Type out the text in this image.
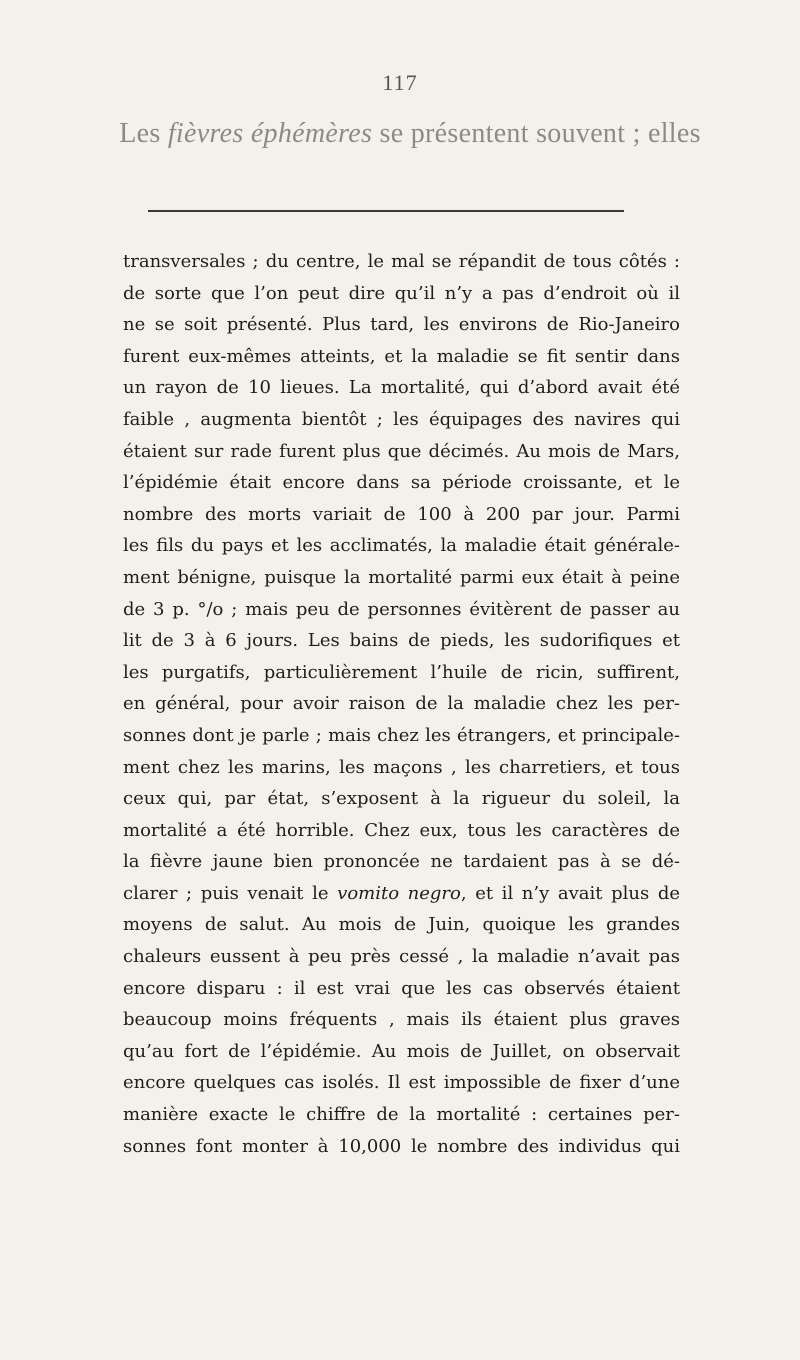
117
Les fièvres éphémères se présentent souvent ; elles
transversales ; du centre, le mal se répandit de tous côtés :
de sorte que l’on peut dire qu’il n’y a pas d’endroit où il
ne se soit présenté. Plus tard, les environs de Rio-Janeiro
furent eux-mêmes atteints, et la maladie se fit sentir dans
un rayon de 10 lieues. La mortalité, qui d’abord avait été
faible , augmenta bientôt ; les équipages des navires qui
étaient sur rade furent plus que décimés. Au mois de Mars,
l’épidémie était encore dans sa période croissante, et le
nombre des morts variait de 100 à 200 par jour. Parmi
les fils du pays et les acclimatés, la maladie était générale-
ment bénigne, puisque la mortalité parmi eux était à peine
de 3 p. °/o ; mais peu de personnes évitèrent de passer au
lit de 3 à 6 jours. Les bains de pieds, les sudorifiques et
les purgatifs, particulièrement l’huile de ricin, suffirent,
en général, pour avoir raison de la maladie chez les per-
sonnes dont je parle ; mais chez les étrangers, et principale-
ment chez les marins, les maçons , les charretiers, et tous
ceux qui, par état, s’exposent à la rigueur du soleil, la
mortalité a été horrible. Chez eux, tous les caractères de
la fièvre jaune bien prononcée ne tardaient pas à se dé-
clarer ; puis venait le vomito negro, et il n’y avait plus de
moyens de salut. Au mois de Juin, quoique les grandes
chaleurs eussent à peu près cessé , la maladie n’avait pas
encore disparu : il est vrai que les cas observés étaient
beaucoup moins fréquents , mais ils étaient plus graves
qu’au fort de l’épidémie. Au mois de Juillet, on observait
encore quelques cas isolés. Il est impossible de fixer d’une
manière exacte le chiffre de la mortalité : certaines per-
sonnes font monter à 10,000 le nombre des individus qui
